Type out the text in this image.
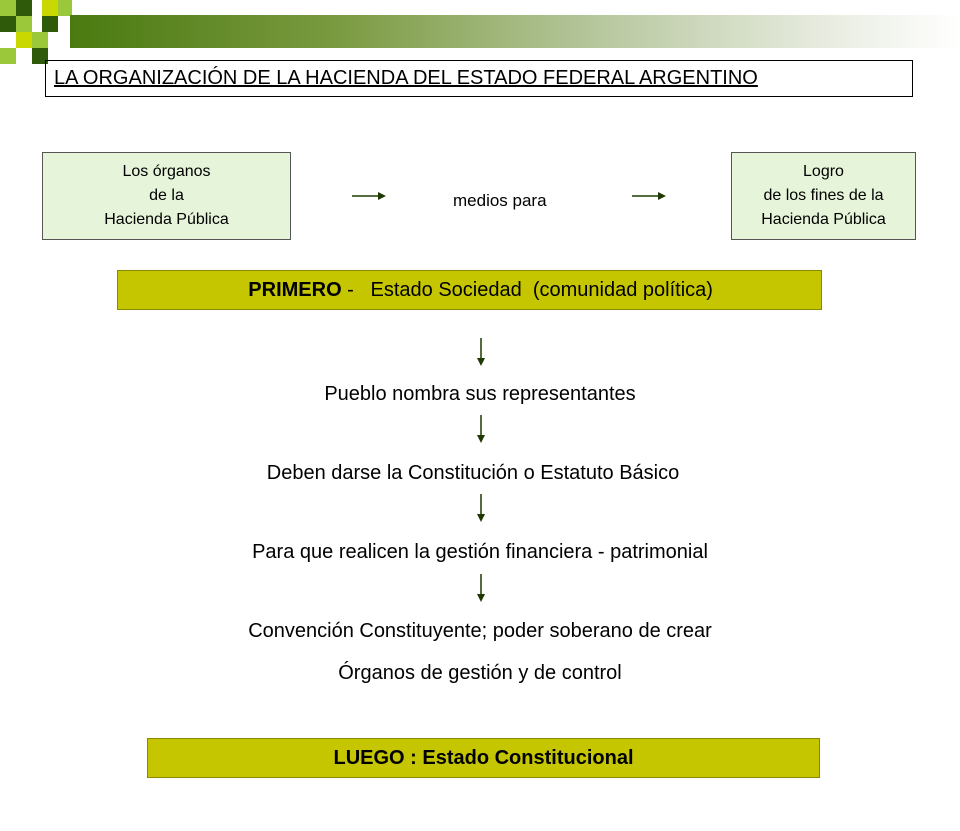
LA ORGANIZACIÓN DE LA HACIENDA DEL ESTADO FEDERAL ARGENTINO
Los órganos
de la
Hacienda Pública
medios para
Logro
de los fines de la
Hacienda Pública

PRIMERO -   Estado Sociedad  (comunidad política)

Pueblo nombra sus representantes
Deben darse la Constitución o Estatuto Básico
Para que realicen la gestión financiera - patrimonial
Convención Constituyente; poder soberano de crear
Órganos de gestión y de control
LUEGO : Estado Constitucional
